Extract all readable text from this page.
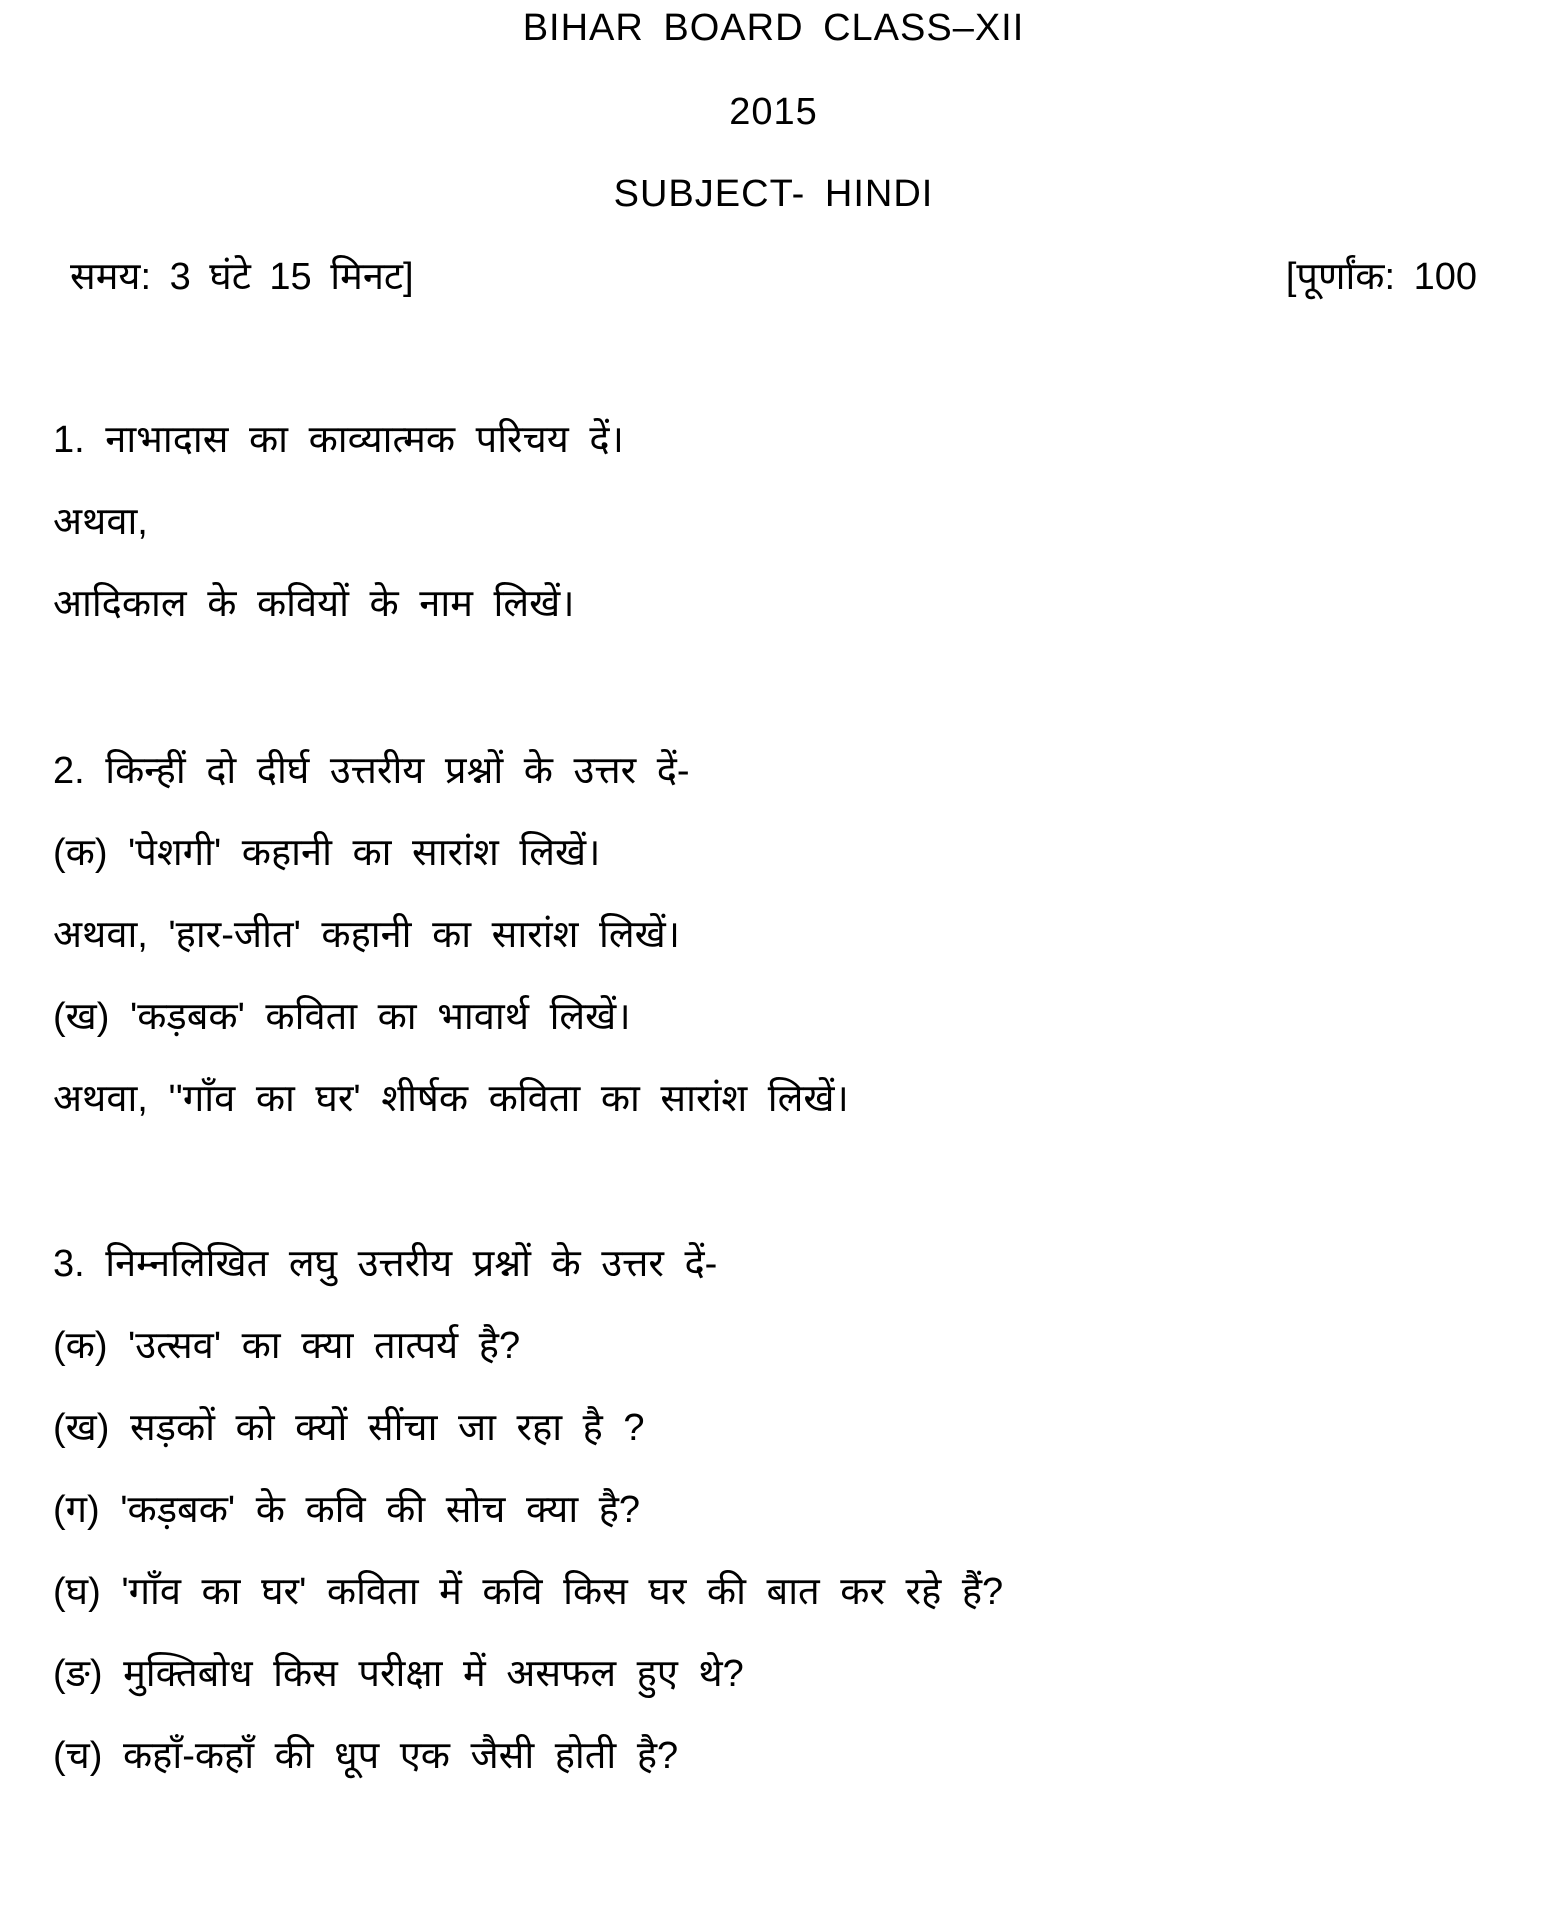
BIHAR BOARD CLASS–XII
2015
SUBJECT- HINDI
समय: 3 घंटे 15 मिनट]	[पूर्णांक: 100
1. नाभादास का काव्यात्मक परिचय दें।
अथवा,
आदिकाल के कवियों के नाम लिखें।
2. किन्हीं दो दीर्घ उत्तरीय प्रश्नों के उत्तर दें-
(क) 'पेशगी' कहानी का सारांश लिखें।
अथवा, 'हार-जीत' कहानी का सारांश लिखें।
(ख) 'कड़बक' कविता का भावार्थ लिखें।
अथवा, ''गाँव का घर' शीर्षक कविता का सारांश लिखें।
3. निम्नलिखित लघु उत्तरीय प्रश्नों के उत्तर दें-
(क) 'उत्सव' का क्या तात्पर्य है?
(ख) सड़कों को क्यों सींचा जा रहा है ?
(ग) 'कड़बक' के कवि की सोच क्या है?
(घ) 'गाँव का घर' कविता में कवि किस घर की बात कर रहे हैं?
(ङ) मुक्तिबोध किस परीक्षा में असफल हुए थे?
(च) कहाँ-कहाँ की धूप एक जैसी होती है?
